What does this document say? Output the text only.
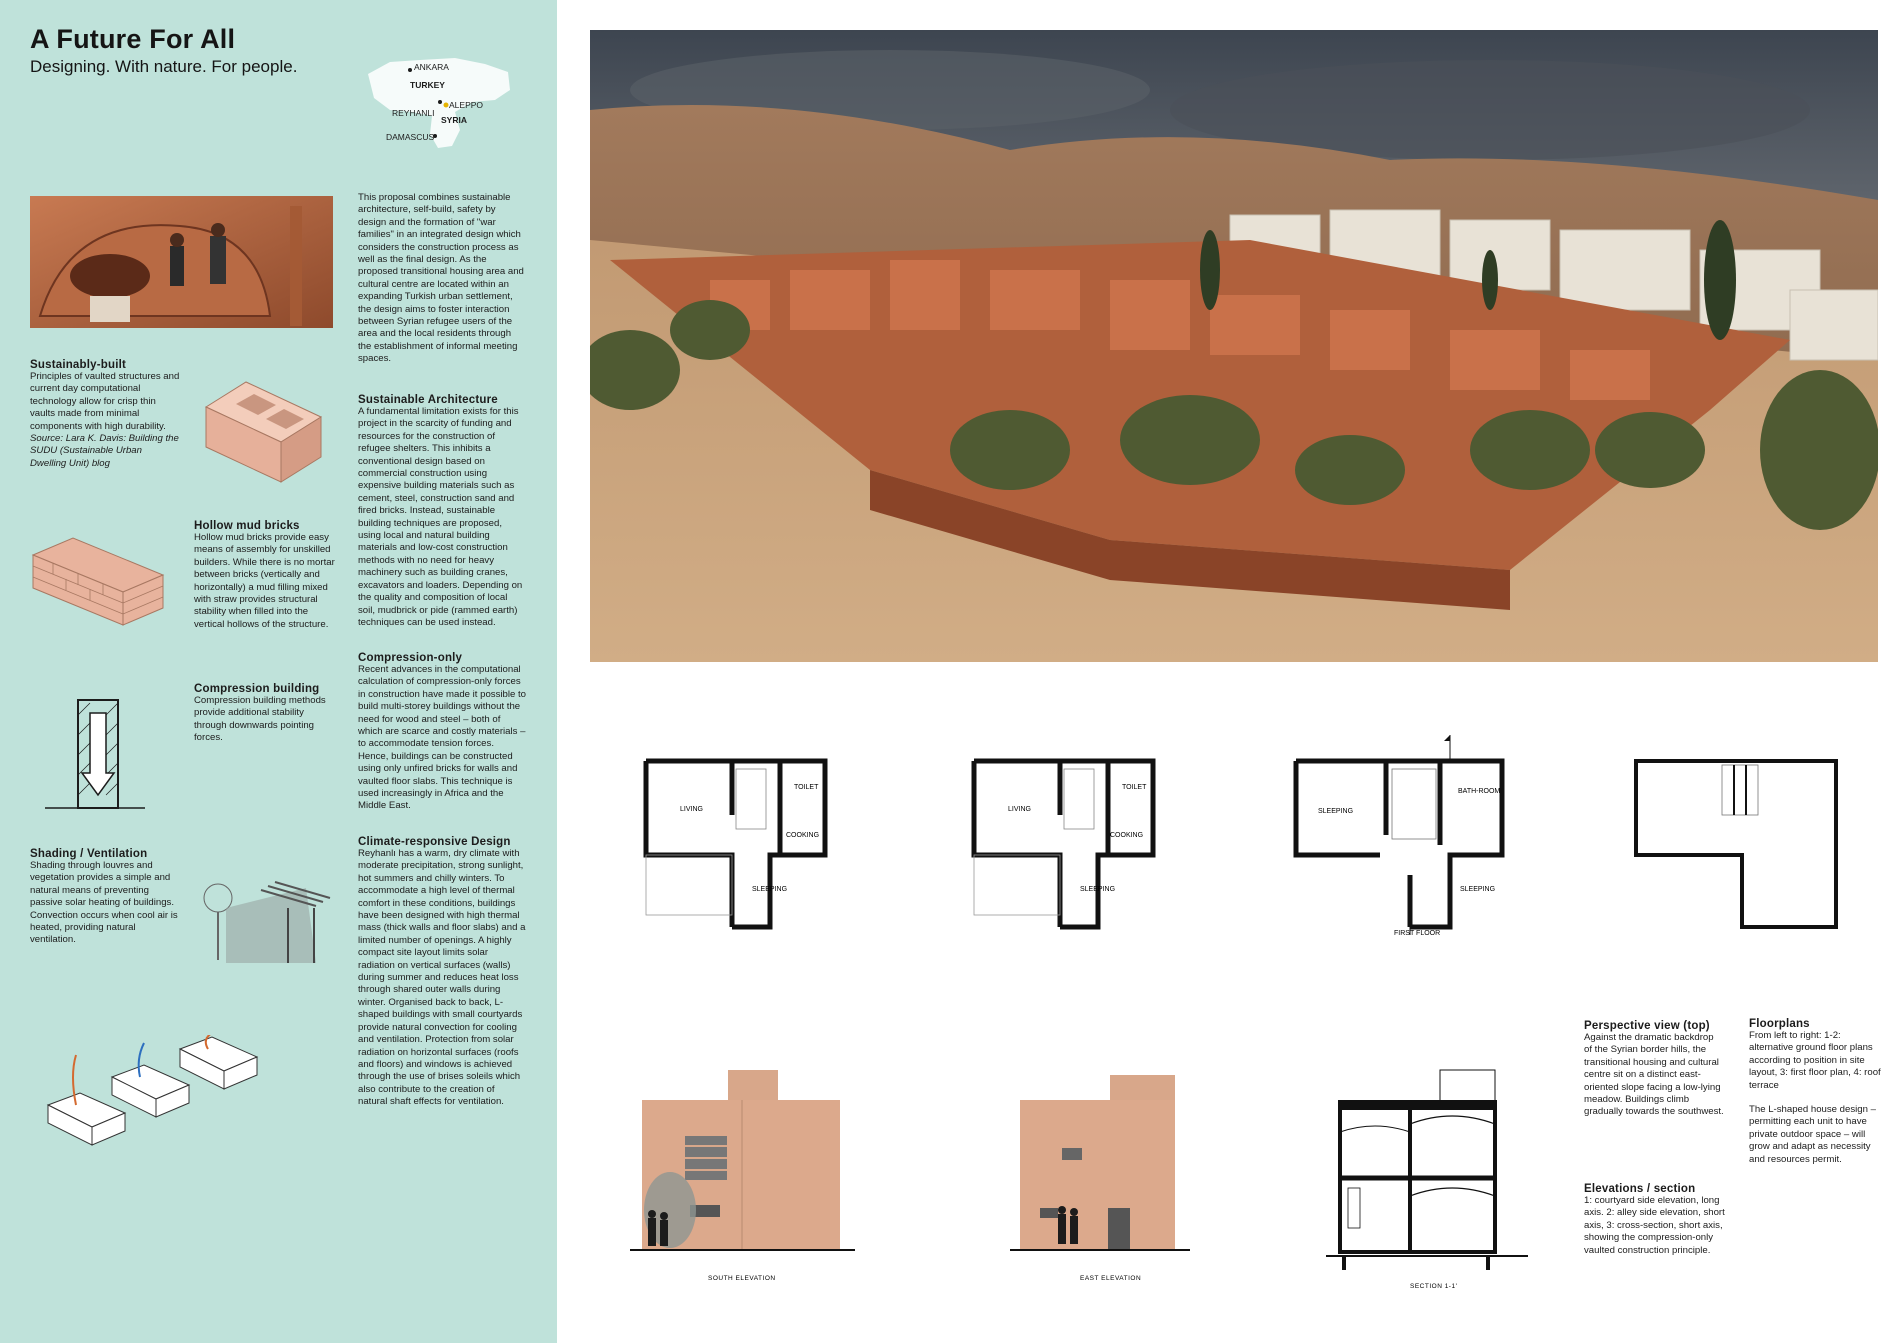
A Future For All
Designing. With nature. For people.	ANKARA
TURKEY
ALEPPO
REYHANLI
SYRIA
DAMASCUS
Sustainably-built
Principles of vaulted structures and current day computational technology allow for crisp thin vaults made from minimal components with high durability.
Source: Lara K. Davis: Building the SUDU (Sustainable Urban Dwelling Unit) blog
Hollow mud bricks
Hollow mud bricks provide easy means of assembly for unskilled builders. While there is no mortar between bricks (vertically and horizontally) a mud filling mixed with straw provides structural stability when filled into the vertical hollows of the structure.
Compression building
Compression building methods provide additional stability through downwards pointing forces.
Shading / Ventilation
Shading through louvres and vegetation provides a simple and natural means of preventing passive solar heating of buildings. Convection occurs when cool air is heated, providing natural ventilation.
This proposal combines sustainable architecture, self-build, safety by design and the formation of "war families" in an integrated design which considers the construction process as well as the final design. As the proposed transitional housing area and cultural centre are located within an expanding Turkish urban settlement, the design aims to foster interaction between Syrian refugee users of the area and the local residents through the establishment of informal meeting spaces.
Sustainable Architecture
A fundamental limitation exists for this project in the scarcity of funding and resources for the construction of refugee shelters. This inhibits a conventional design based on commercial construction using expensive building materials such as cement, steel, construction sand and fired bricks. Instead, sustainable building techniques are proposed, using local and natural building materials and low-cost construction methods with no need for heavy machinery such as building cranes, excavators and loaders. Depending on the quality and composition of local soil, mudbrick or pide (rammed earth) techniques can be used instead.
Compression-only
Recent advances in the computational calculation of compression-only forces in construction have made it possible to build multi-storey buildings without the need for wood and steel – both of which are scarce and costly materials – to accommodate tension forces. Hence, buildings can be constructed using only unfired bricks for walls and vaulted floor slabs. This technique is used increasingly in Africa and the Middle East.
Climate-responsive Design
Reyhanlı has a warm, dry climate with moderate precipitation, strong sunlight, hot summers and chilly winters. To accommodate a high level of thermal comfort in these conditions, buildings have been designed with high thermal mass (thick walls and floor slabs) and a limited number of openings. A highly compact site layout limits solar radiation on vertical surfaces (walls) during summer and reduces heat loss through shared outer walls during winter. Organised back to back, L-shaped buildings with small courtyards provide natural convection for cooling and ventilation. Protection from solar radiation on horizontal surfaces (roofs and floors) and windows is achieved through the use of brises soleils which also contribute to the creation of natural shaft effects for ventilation.
LIVING
TOILET
COOKING
SLEEPING
LIVING
TOILET
COOKING
SLEEPING
SLEEPING
BATH-ROOM
SLEEPING
FIRST FLOOR
SOUTH ELEVATION	EAST ELEVATION
SECTION 1-1'
Perspective view (top)
Against the dramatic backdrop of the Syrian border hills, the transitional housing and cultural centre sit on a distinct east-oriented slope facing a low-lying meadow. Buildings climb gradually towards the southwest.
Floorplans
From left to right: 1-2: alternative ground floor plans according to position in site layout, 3: first floor plan, 4: roof terrace
The L-shaped house design – permitting each unit to have private outdoor space – will grow and adapt as necessity and resources permit.
Elevations / section
1: courtyard side elevation, long axis. 2: alley side elevation, short axis, 3: cross-section, short axis, showing the compression-only vaulted construction principle.
